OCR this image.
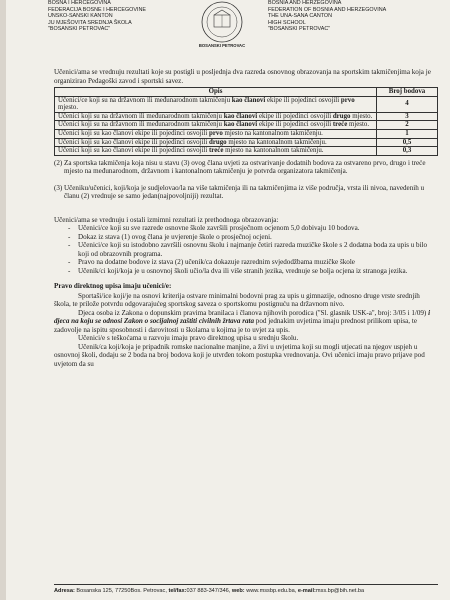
BOSNA I HERCEGOVINA
FEDERACIJA BOSNE I HERCEGOVINE
UNSKO-SANSKI KANTON
JU MJEŠOVITA SREDNJA ŠKOLA
"BOSANSKI PETROVAC"
BOSANSKI PETROVAC
BOSNIA AND HERZEGOVINA
FEDERATION OF BOSNIA AND HERZEGOVINA
THE UNA-SANA CANTON
HIGH SCHOOL
"BOSANSKI PETROVAC"

Učenici/ama se vrednuju rezultati koje su postigli u posljednja dva razreda osnovnog obrazovanja na sportskim takmičenjima koja je organizirao Pedagoški zavod i sportski savez.

Opis	Broj bodova
Učenici/ce koji su na državnom ili međunarodnom takmičenju kao članovi ekipe ili pojedinci osvojili prvo mjesto.	4
Učenici koji su na državnom ili međunarodnom takmičenju kao članovi ekipe ili pojedinci osvojili drugo mjesto.	3
Učenici koji su na državnom ili međunarodnom takmičenju kao članovi ekipe ili pojedinci osvojili treće mjesto.	2
Učenici koji su kao članovi ekipe ili pojedinci osvojili prvo mjesto na kantonalnom takmičenju.	1
Učenici koji su kao članovi ekipe ili pojedinci osvojili drugo mjesto na kantonalnom takmičenju.	0,5
Učenici koji su kao članovi ekipe ili pojedinci osvojili treće mjesto na kantonalnom takmičenju.	0,3
(2) Za sportska takmičenja koja nisu u stavu (3) ovog člana uvjeti za ostvarivanje dodatnih bodova za ostvareno prvo, drugo i treće mjesto na međunarodnom, državnom i kantonalnom takmičenju je potvrda organizatora takmičenja.
(3) Učeniku/učenici, koji/koja je sudjelovao/la na više takmičenja ili na takmičenjima iz više područja, vrsta ili nivoa, navedenih u članu (2) vrednuje se samo jedan(najpovoljniji) rezultat.

Učenici/ama se vrednuju i ostali izmimni rezultati iz prethodnoga obrazovanja:

- Učenici/ce koji su sve razrede osnovne škole završili prosječnom ocjenom 5,0 dobivaju 10 bodova.
- Dokaz iz stava (1) ovog člana je uvjerenje škole o prosječnoj ocjeni.
- Učenici/ce koji su istodobno završili osnovnu školu i najmanje četiri razreda muzičke škole s 2 dodatna boda za upis u bilo koji od obrazovnih programa.
- Pravo na dodatne bodove iz stava (2) učenik/ca dokazuje razrednim svjedodžbama muzičke škole
- Učenik/ci koji/koja je u osnovnoj školi učio/la dva ili više stranih jezika, vrednuje se bolja ocjena iz stranoga jezika.
Pravo direktnog upisa imaju učenici/e:

Sportaši/ice koji/je na osnovi kriterija ostvare minimalni bodovni prag za upis u gimnazije, odnosno druge vrste srednjih škola, te prilože potvrdu odgovarajućeg sportskog saveza o sportskomu postignuću na državnom nivo.

Djeca osoba iz Zakona o dopunskim pravima branilaca i članova njihovih porodica (''Sl. glasnik USK-a'', broj: 3/05 i 1/09) i djeca na koju se odnosi Zakon o socijalnoj zaštiti civilnih žrtava rata pod jednakim uvjetima imaju prednost prilikom upisa, te zadovolje na ispitu sposobnosti i darovitosti u školama u kojima je to uvjet za upis.

Učenici/e s teškoćama u razvoju imaju pravo direktnog upisa u srednju školu.

Učenik/ca koji/koja je pripadnik romske nacionalne manjine, a živi u uvjetima koji su mogli utjecati na njegov uspjeh u osnovnoj školi, dodaju se 2 boda na broj bodova koji je utvrđen tokom postupka vrednovanja. Ovi učenici imaju pravo prijave pod uvjetom da su

Adresa: Bosanska 125, 77250Bos. Petrovac, tel/fax:037 883-347/346, web: www.mssbp.edu.ba, e-mail:mss.bp@bih.net.ba
